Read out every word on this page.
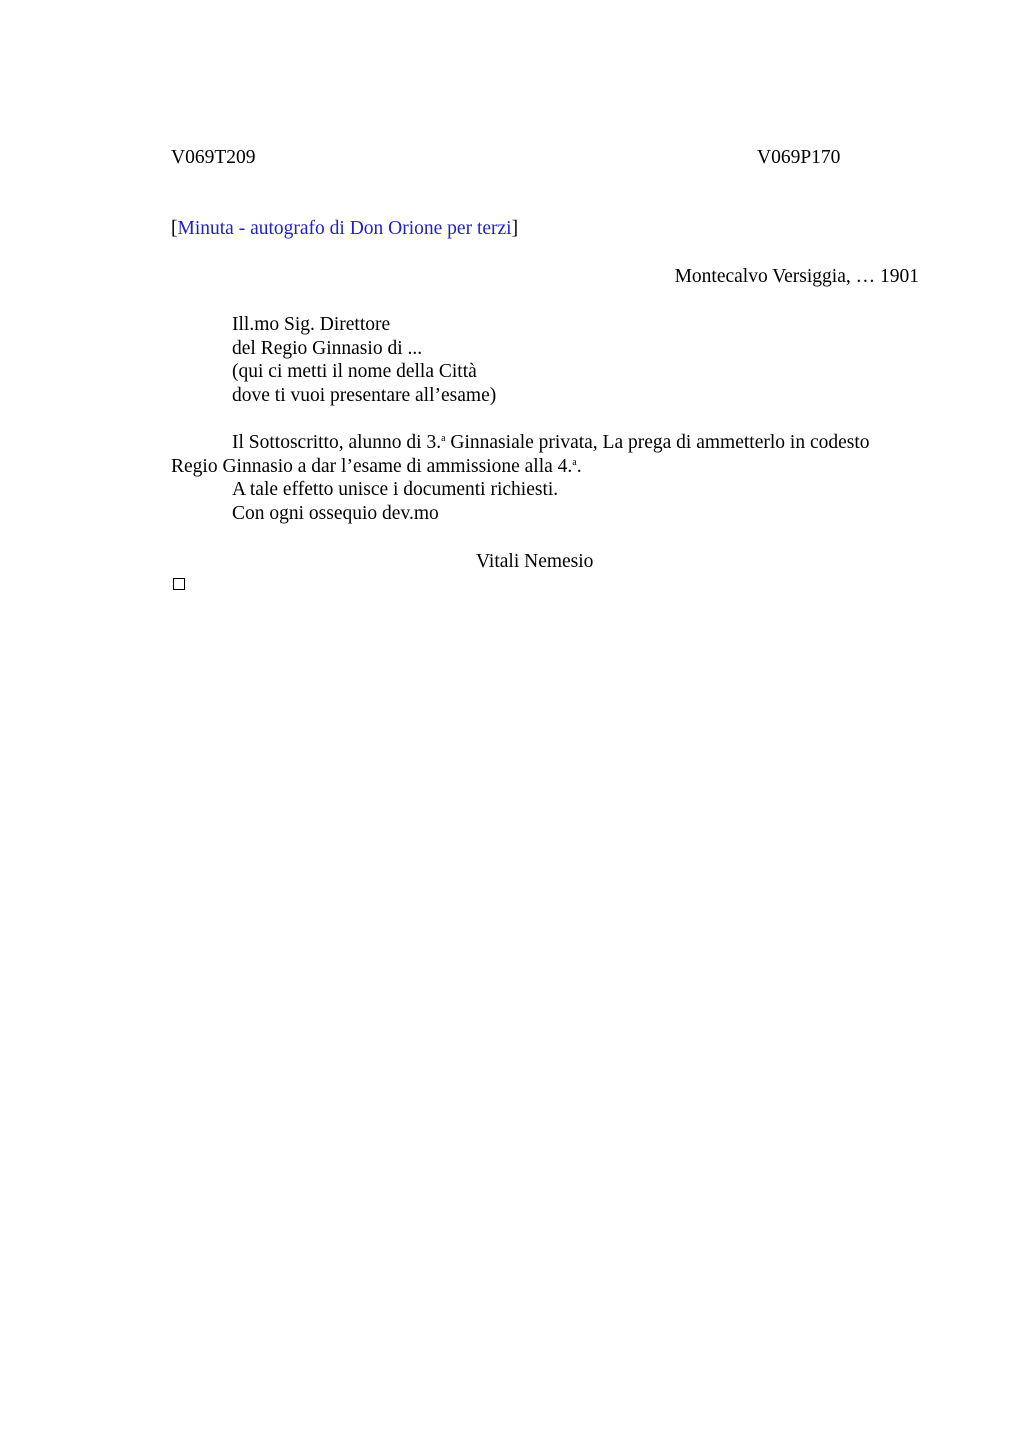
V069T209	V069P170
[Minuta - autografo di Don Orione per terzi]
Montecalvo Versiggia, … 1901
Ill.mo Sig. Direttore
del Regio Ginnasio di ...
(qui ci metti il nome della Città
dove ti vuoi presentare all’esame)

Il Sottoscritto, alunno di 3.$^a$ Ginnasiale privata, La prega di ammetterlo in codesto Regio Ginnasio a dar l’esame di ammissione alla 4.$^a$.

A tale effetto unisce i documenti richiesti.

Con ogni ossequio dev.mo

Vitali Nemesio
